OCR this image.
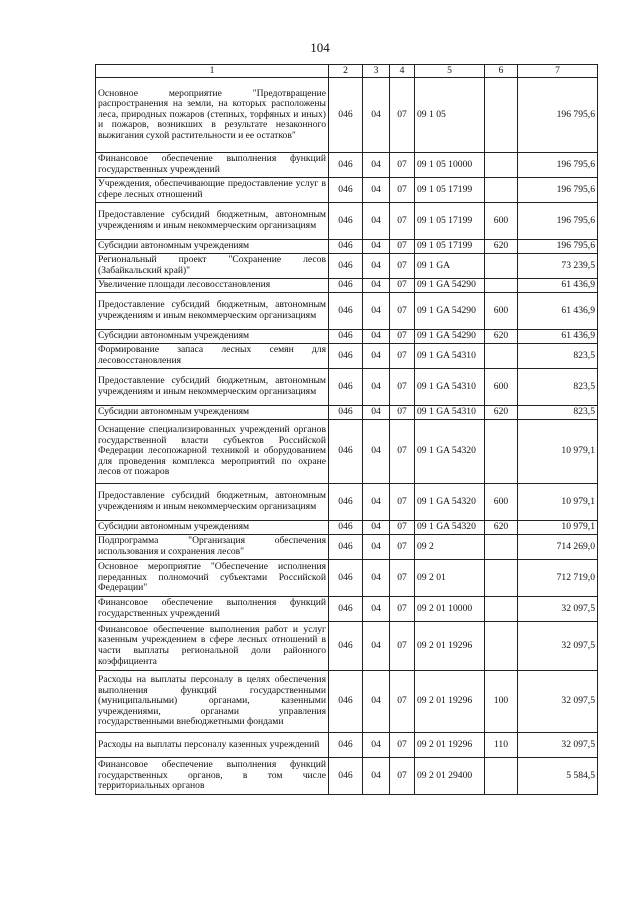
104
1	2	3	4	5	6	7
Основное мероприятие "Предотвращение распространения на земли, на которых расположены леса, природных пожаров (степных, торфяных и иных) и пожаров, возникших в результате незаконного выжигания сухой растительности и ее остатков"	046	04	07	09 1 05		196 795,6
Финансовое обеспечение выполнения функций государственных учреждений	046	04	07	09 1 05 10000		196 795,6
Учреждения, обеспечивающие предоставление услуг в сфере лесных отношений	046	04	07	09 1 05 17199		196 795,6
Предоставление субсидий бюджетным, автономным учреждениям и иным некоммерческим организациям	046	04	07	09 1 05 17199	600	196 795,6
Субсидии автономным учреждениям	046	04	07	09 1 05 17199	620	196 795,6
Региональный проект "Сохранение лесов (Забайкальский край)"	046	04	07	09 1 GA		73 239,5
Увеличение площади лесовосстановления	046	04	07	09 1 GA 54290		61 436,9
Предоставление субсидий бюджетным, автономным учреждениям и иным некоммерческим организациям	046	04	07	09 1 GA 54290	600	61 436,9
Субсидии автономным учреждениям	046	04	07	09 1 GA 54290	620	61 436,9
Формирование запаса лесных семян для лесовосстановления	046	04	07	09 1 GA 54310		823,5
Предоставление субсидий бюджетным, автономным учреждениям и иным некоммерческим организациям	046	04	07	09 1 GA 54310	600	823,5
Субсидии автономным учреждениям	046	04	07	09 1 GA 54310	620	823,5
Оснащение специализированных учреждений органов государственной власти субъектов Российской Федерации лесопожарной техникой и оборудованием для проведения комплекса мероприятий по охране лесов от пожаров	046	04	07	09 1 GA 54320		10 979,1
Предоставление субсидий бюджетным, автономным учреждениям и иным некоммерческим организациям	046	04	07	09 1 GA 54320	600	10 979,1
Субсидии автономным учреждениям	046	04	07	09 1 GA 54320	620	10 979,1
Подпрограмма "Организация обеспечения использования и сохранения лесов"	046	04	07	09 2		714 269,0
Основное мероприятие "Обеспечение исполнения переданных полномочий субъектами Российской Федерации"	046	04	07	09 2 01		712 719,0
Финансовое обеспечение выполнения функций государственных учреждений	046	04	07	09 2 01 10000		32 097,5
Финансовое обеспечение выполнения работ и услуг казенным учреждением в сфере лесных отношений в части выплаты региональной доли районного коэффициента	046	04	07	09 2 01 19296		32 097,5
Расходы на выплаты персоналу в целях обеспечения выполнения функций государственными (муниципальными) органами, казенными учреждениями, органами управления государственными внебюджетными фондами	046	04	07	09 2 01 19296	100	32 097,5
Расходы на выплаты персоналу казенных учреждений	046	04	07	09 2 01 19296	110	32 097,5
Финансовое обеспечение выполнения функций государственных органов, в том числе территориальных органов	046	04	07	09 2 01 29400		5 584,5
